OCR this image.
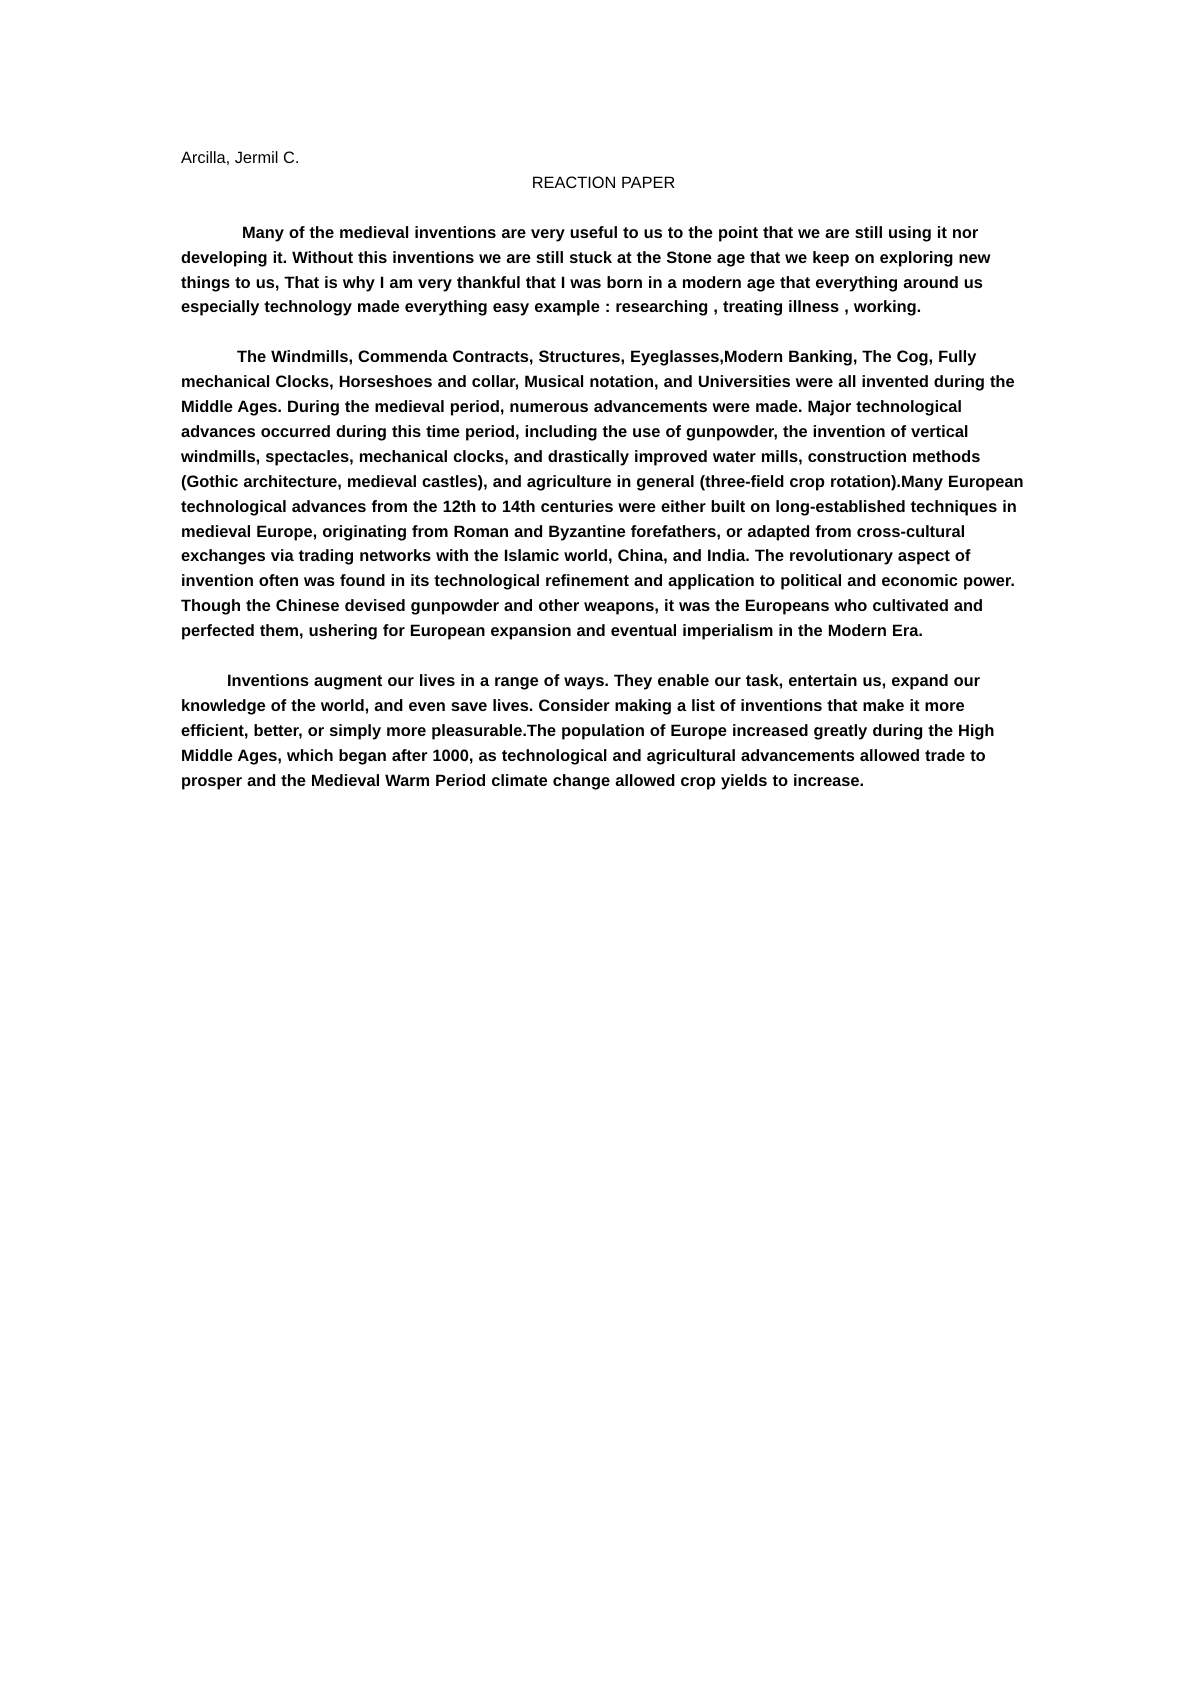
Arcilla, Jermil C.

REACTION PAPER

Many of the medieval inventions are very useful to us to the point that we are still using it nor developing it. Without this inventions we are still stuck at the Stone age that we keep on exploring new things to us, That is why I am very thankful that I was born in a modern age that everything around us especially technology made everything easy example : researching , treating illness , working.

The Windmills, Commenda Contracts, Structures, Eyeglasses,Modern Banking, The Cog, Fully mechanical Clocks, Horseshoes and collar, Musical notation, and Universities were all invented during the Middle Ages. During the medieval period, numerous advancements were made. Major technological advances occurred during this time period, including the use of gunpowder, the invention of vertical windmills, spectacles, mechanical clocks, and drastically improved water mills, construction methods (Gothic architecture, medieval castles), and agriculture in general (three-field crop rotation).Many European technological advances from the 12th to 14th centuries were either built on long-established techniques in medieval Europe, originating from Roman and Byzantine forefathers, or adapted from cross-cultural exchanges via trading networks with the Islamic world, China, and India. The revolutionary aspect of invention often was found in its technological refinement and application to political and economic power. Though the Chinese devised gunpowder and other weapons, it was the Europeans who cultivated and perfected them, ushering for European expansion and eventual imperialism in the Modern Era.

Inventions augment our lives in a range of ways. They enable our task, entertain us, expand our knowledge of the world, and even save lives. Consider making a list of inventions that make it more efficient, better, or simply more pleasurable.The population of Europe increased greatly during the High Middle Ages, which began after 1000, as technological and agricultural advancements allowed trade to prosper and the Medieval Warm Period climate change allowed crop yields to increase.
